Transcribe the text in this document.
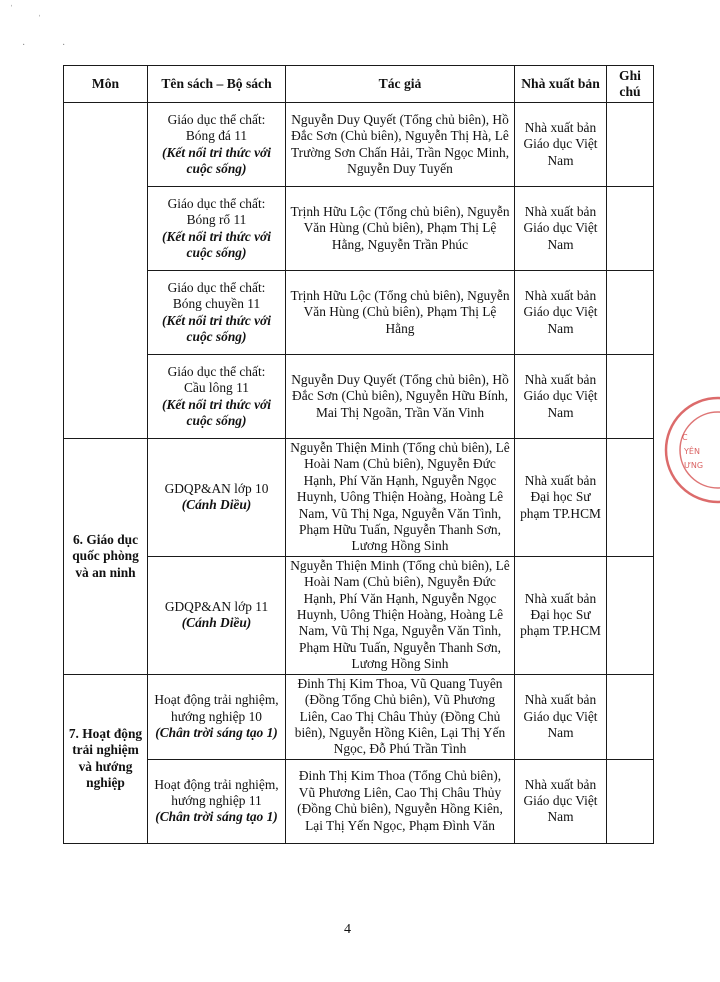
ˈ ˌ
·	·
Môn	Tên sách – Bộ sách	Tác giả	Nhà xuất bản	Ghi chú

	Giáo dục thể chất:
Bóng đá 11
(Kết nối tri thức với cuộc sống)	Nguyễn Duy Quyết (Tổng chủ biên), Hồ Đắc Sơn (Chủ biên), Nguyễn Thị Hà, Lê Trường Sơn Chấn Hải, Trần Ngọc Minh, Nguyễn Duy Tuyến	Nhà xuất bản Giáo dục Việt Nam	

	Giáo dục thể chất:
Bóng rổ 11
(Kết nối tri thức với cuộc sống)	Trịnh Hữu Lộc (Tổng chủ biên), Nguyễn Văn Hùng (Chủ biên), Phạm Thị Lệ Hằng, Nguyễn Trần Phúc	Nhà xuất bản Giáo dục Việt Nam	

	Giáo dục thể chất:
Bóng chuyền 11
(Kết nối tri thức với cuộc sống)	Trịnh Hữu Lộc (Tổng chủ biên), Nguyễn Văn Hùng (Chủ biên), Phạm Thị Lệ Hằng	Nhà xuất bản Giáo dục Việt Nam	

	Giáo dục thể chất:
Cầu lông 11
(Kết nối tri thức với cuộc sống)	Nguyễn Duy Quyết (Tổng chủ biên), Hồ Đắc Sơn (Chủ biên), Nguyễn Hữu Bính, Mai Thị Ngoãn, Trần Văn Vinh	Nhà xuất bản Giáo dục Việt Nam	
6. Giáo dục quốc phòng và an ninh	GDQP&AN lớp 10
(Cánh Diều)	Nguyễn Thiện Minh (Tổng chủ biên), Lê Hoài Nam (Chủ biên), Nguyễn Đức Hạnh, Phí Văn Hạnh, Nguyễn Ngọc Huynh, Uông Thiện Hoàng, Hoàng Lê Nam, Vũ Thị Nga, Nguyễn Văn Tình, Phạm Hữu Tuấn, Nguyễn Thanh Sơn, Lương Hồng Sinh	Nhà xuất bản Đại học Sư phạm TP.HCM	

	GDQP&AN lớp 11
(Cánh Diều)	Nguyễn Thiện Minh (Tổng chủ biên), Lê Hoài Nam (Chủ biên), Nguyễn Đức Hạnh, Phí Văn Hạnh, Nguyễn Ngọc Huynh, Uông Thiện Hoàng, Hoàng Lê Nam, Vũ Thị Nga, Nguyễn Văn Tình, Phạm Hữu Tuấn, Nguyễn Thanh Sơn, Lương Hồng Sinh	Nhà xuất bản Đại học Sư phạm TP.HCM	
7. Hoạt động trải nghiệm và hướng nghiệp	Hoạt động trải nghiệm, hướng nghiệp 10
(Chân trời sáng tạo 1)	Đinh Thị Kim Thoa, Vũ Quang Tuyên (Đồng Tổng Chủ biên), Vũ Phương Liên, Cao Thị Châu Thủy (Đồng Chủ biên), Nguyễn Hồng Kiên, Lại Thị Yến Ngọc, Đỗ Phú Trần Tình	Nhà xuất bản Giáo dục Việt Nam	

	Hoạt động trải nghiệm, hướng nghiệp 11
(Chân trời sáng tạo 1)	Đinh Thị Kim Thoa (Tổng Chủ biên), Vũ Phương Liên, Cao Thị Châu Thủy (Đồng Chủ biên), Nguyễn Hồng Kiên, Lại Thị Yến Ngọc, Phạm Đình Văn	Nhà xuất bản Giáo dục Việt Nam	
C
YÊN
ƯNG
4
